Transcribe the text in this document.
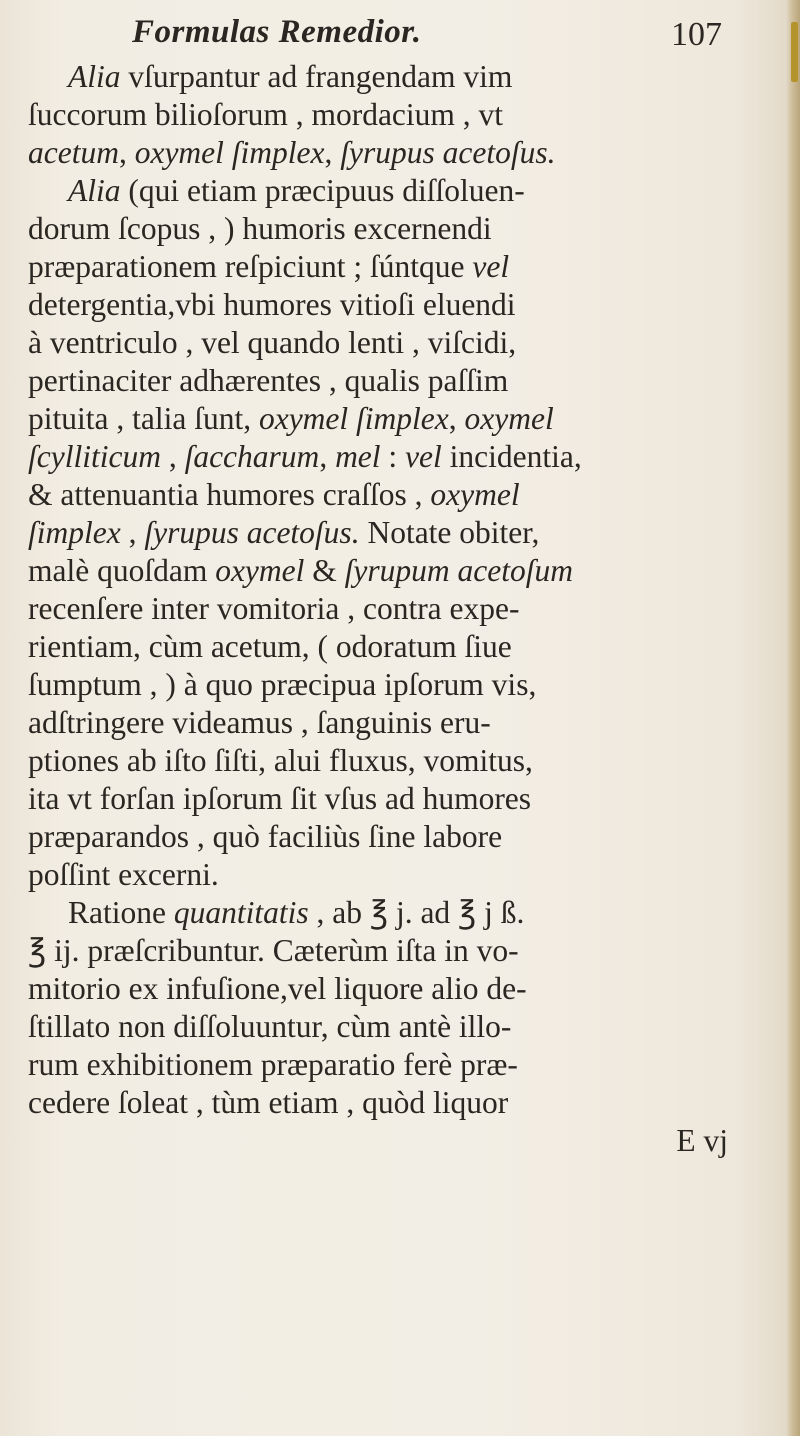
Formulas Remedior.	107
Alia vſurpantur ad frangendam vim
ſuccorum bilioſorum , mordacium , vt
acetum, oxymel ſimplex, ſyrupus acetoſus.
Alia (qui etiam præcipuus diſſoluen-
dorum ſcopus , ) humoris excernendi
præparationem reſpiciunt ; ſúntque vel
detergentia,vbi humores vitioſi eluendi
à ventriculo , vel quando lenti , viſcidi,
pertinaciter adhærentes , qualis paſſim
pituita , talia ſunt, oxymel ſimplex, oxymel
ſcylliticum , ſaccharum, mel : vel incidentia,
& attenuantia humores craſſos , oxymel
ſimplex , ſyrupus acetoſus. Notate obiter,
malè quoſdam oxymel & ſyrupum acetoſum
recenſere inter vomitoria , contra expe-
rientiam, cùm acetum, ( odoratum ſiue
ſumptum , ) à quo præcipua ipſorum vis,
adſtringere videamus , ſanguinis eru-
ptiones ab iſto ſiſti, alui fluxus, vomitus,
ita vt forſan ipſorum ſit vſus ad humores
præparandos , quò faciliùs ſine labore
poſſint excerni.
Ratione quantitatis , ab ℥ j. ad ℥ j ß.
℥ ij. præſcribuntur. Cæterùm iſta in vo-
mitorio ex infuſione,vel liquore alio de-
ſtillato non diſſoluuntur, cùm antè illo-
rum exhibitionem præparatio ferè præ-
cedere ſoleat , tùm etiam , quòd liquor
E vj
